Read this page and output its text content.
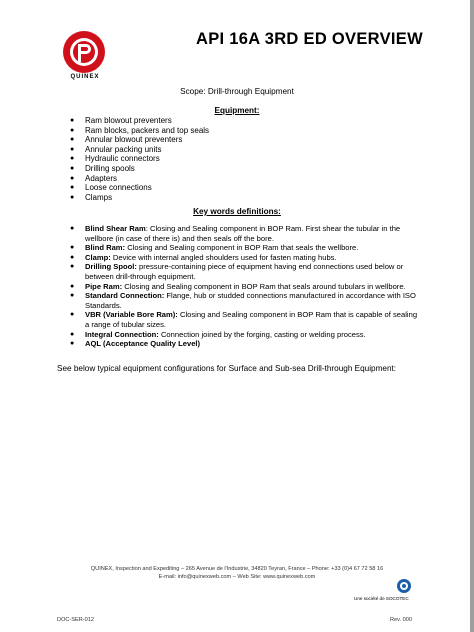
QUINEX
API 16A 3RD ED OVERVIEW
Scope: Drill-through Equipment
Equipment:
● Ram blowout preventers
● Ram blocks, packers and top seals
● Annular blowout preventers
● Annular packing units
● Hydraulic connectors
● Drilling spools
● Adapters
● Loose connections
● Clamps
Key words definitions:
● Blind Shear Ram: Closing and Sealing component in BOP Ram. First shear the tubular in the wellbore (in case of there is) and then seals off the bore.
● Blind Ram: Closing and Sealing component in BOP Ram that seals the wellbore.
● Clamp: Device with internal angled shoulders used for fasten mating hubs.
● Drilling Spool: pressure-containing piece of equipment having end connections used below or between drill-through equipment.
● Pipe Ram: Closing and Sealing component in BOP Ram that seals around tubulars in wellbore.
● Standard Connection: Flange, hub or studded connections manufactured in accordance with ISO Standards.
● VBR (Variable Bore Ram): Closing and Sealing component in BOP Ram that is capable of sealing a range of tubular sizes.
● Integral Connection: Connection joined by the forging, casting or welding process.
● AQL (Acceptance Quality Level)
See below typical equipment configurations for Surface and Sub-sea Drill-through Equipment:
QUINEX, Inspection and Expediting – 265 Avenue de l'Industrie, 34820 Teyran, France – Phone: +33 (0)4 67 72 58 16
E-mail: info@quinexweb.com – Web Site: www.quinexweb.com
Une société de SOCOTEC
DOC-SER-012	Rev. 000
